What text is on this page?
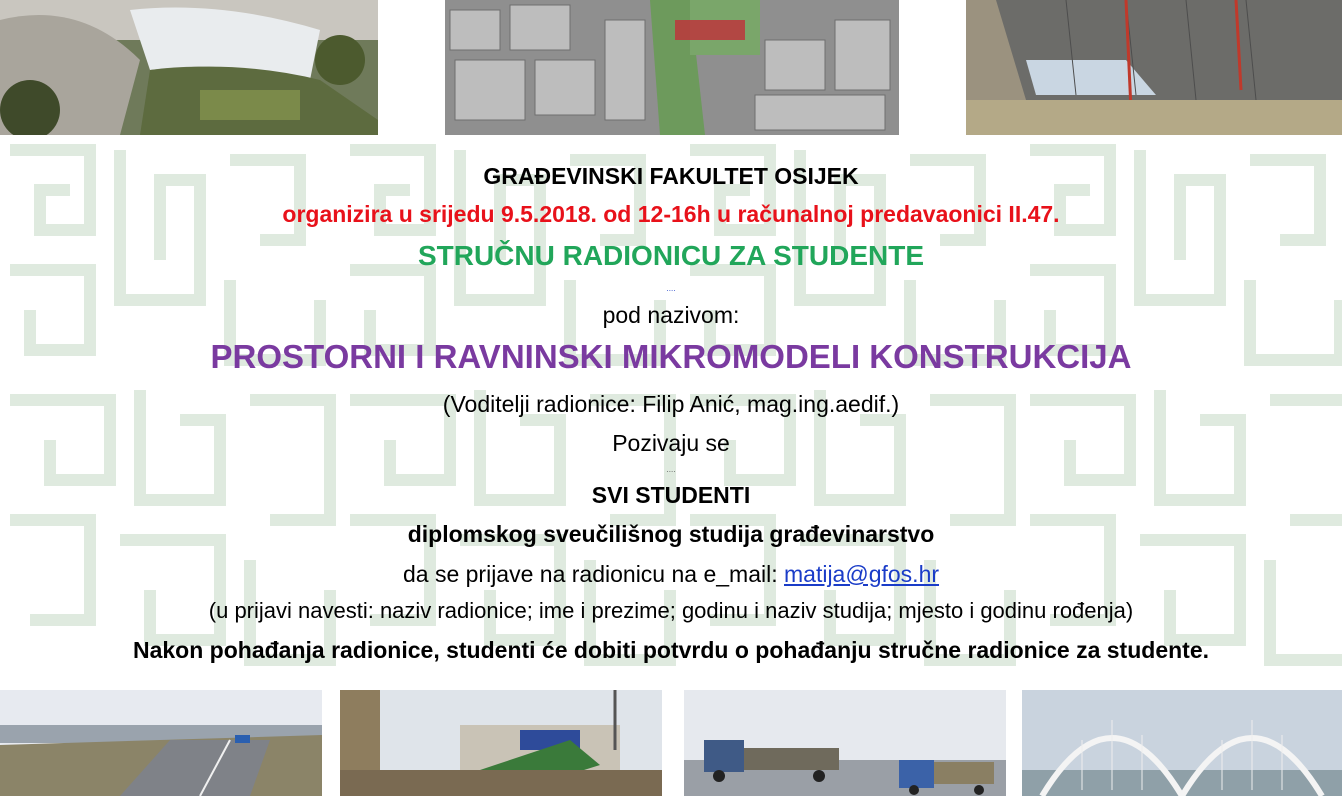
GRAĐEVINSKI FAKULTET OSIJEK
organizira u srijedu 9.5.2018. od 12-16h u računalnoj predavaonici II.47.
STRUČNU RADIONICU ZA STUDENTE
....
pod nazivom:
PROSTORNI I RAVNINSKI MIKROMODELI KONSTRUKCIJA
(Voditelji radionice: Filip Anić, mag.ing.aedif.)
Pozivaju se
....
SVI STUDENTI
diplomskog sveučilišnog studija građevinarstvo
da se prijave na radionicu na e_mail: matija@gfos.hr
(u prijavi navesti: naziv radionice; ime i prezime; godinu i naziv studija; mjesto i godinu rođenja)
Nakon pohađanja radionice, studenti će dobiti potvrdu o pohađanju stručne radionice za studente.
